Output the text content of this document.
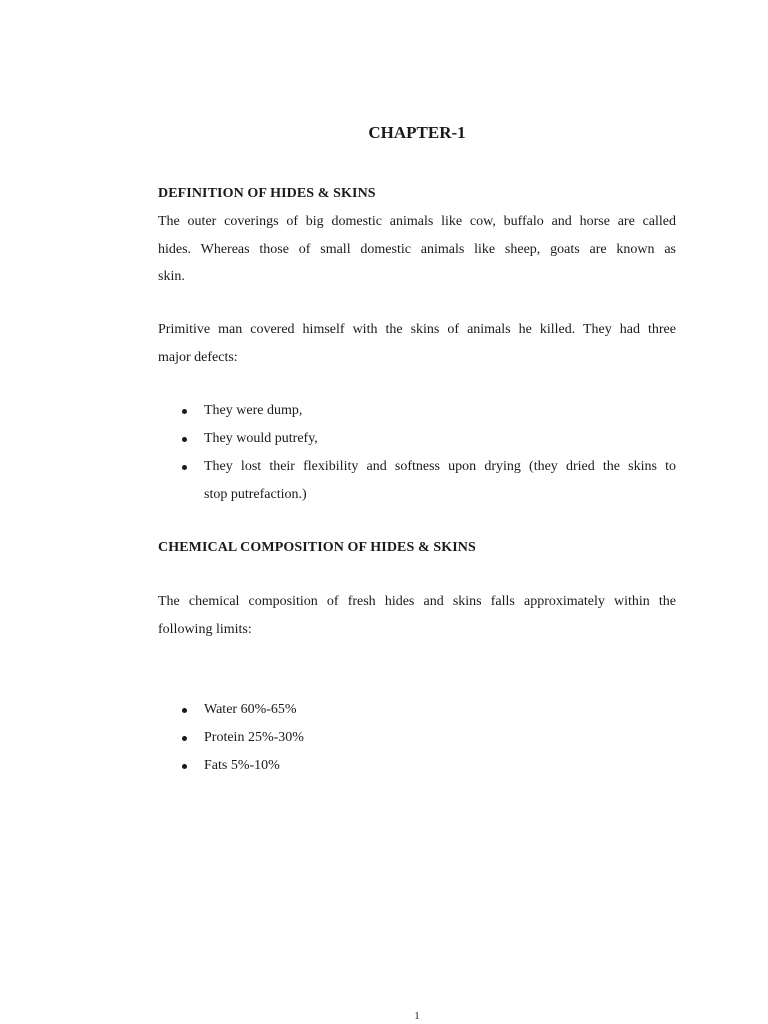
CHAPTER-1
DEFINITION OF HIDES & SKINS

The outer coverings of big domestic animals like cow, buffalo and horse are called
hides. Whereas those of small domestic animals like sheep, goats are known as
skin.

Primitive man covered himself with the skins of animals he killed. They had three
major defects:

They were dump,
They would putrefy,
They lost their flexibility and softness upon drying (they dried the skins to
stop putrefaction.)
CHEMICAL COMPOSITION OF HIDES & SKINS

The chemical composition of fresh hides and skins falls approximately within the
following limits:

Water 60%-65%
Protein 25%-30%
Fats 5%-10%

1
